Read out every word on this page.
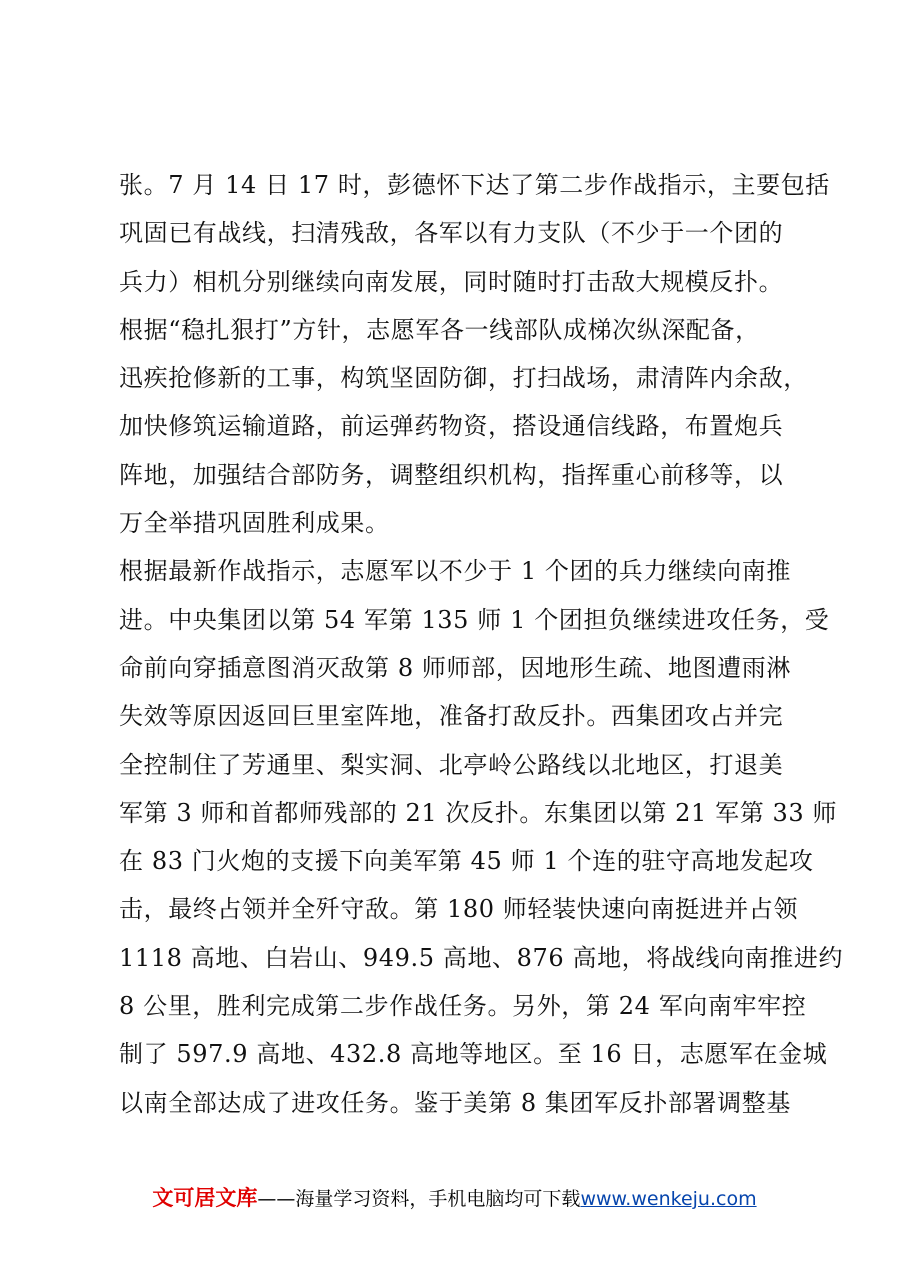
张。7 月 14 日 17 时，彭德怀下达了第二步作战指示，主要包括
巩固已有战线，扫清残敌，各军以有力支队（不少于一个团的
兵力）相机分别继续向南发展，同时随时打击敌大规模反扑。
根据“稳扎狠打”方针，志愿军各一线部队成梯次纵深配备，
迅疾抢修新的工事，构筑坚固防御，打扫战场，肃清阵内余敌，
加快修筑运输道路，前运弹药物资，搭设通信线路，布置炮兵
阵地，加强结合部防务，调整组织机构，指挥重心前移等，以
万全举措巩固胜利成果。
根据最新作战指示，志愿军以不少于 1 个团的兵力继续向南推
进。中央集团以第 54 军第 135 师 1 个团担负继续进攻任务，受
命前向穿插意图消灭敌第 8 师师部，因地形生疏、地图遭雨淋
失效等原因返回巨里室阵地，准备打敌反扑。西集团攻占并完
全控制住了芳通里、梨实洞、北亭岭公路线以北地区，打退美
军第 3 师和首都师残部的 21 次反扑。东集团以第 21 军第 33 师
在 83 门火炮的支援下向美军第 45 师 1 个连的驻守高地发起攻
击，最终占领并全歼守敌。第 180 师轻装快速向南挺进并占领
1118 高地、白岩山、949.5 高地、876 高地，将战线向南推进约
8 公里，胜利完成第二步作战任务。另外，第 24 军向南牢牢控
制了 597.9 高地、432.8 高地等地区。至 16 日，志愿军在金城
以南全部达成了进攻任务。鉴于美第 8 集团军反扑部署调整基
文可居文库——海量学习资料，手机电脑均可下载www.wenkeju.com
